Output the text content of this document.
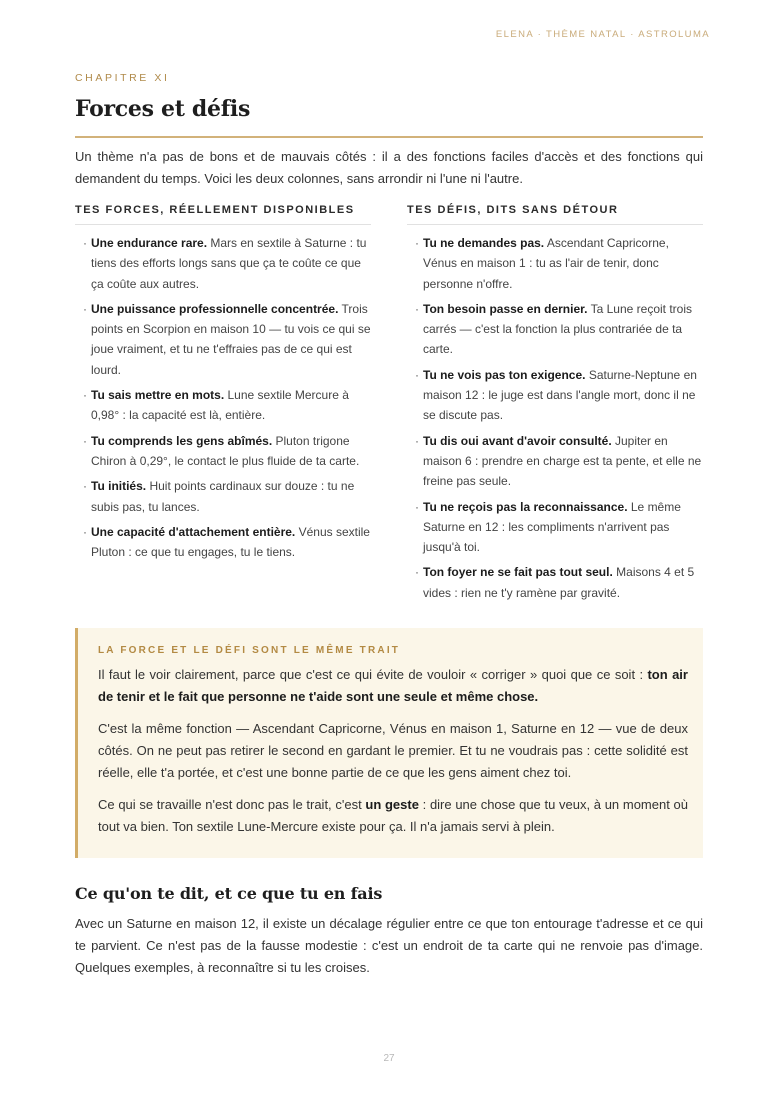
ELENA · THÈME NATAL · ASTROLUMA
CHAPITRE XI
Forces et défis

Un thème n'a pas de bons et de mauvais côtés : il a des fonctions faciles d'accès et des fonctions qui demandent du temps. Voici les deux colonnes, sans arrondir ni l'une ni l'autre.

TES FORCES, RÉELLEMENT DISPONIBLES
· Une endurance rare. Mars en sextile à Saturne : tu tiens des efforts longs sans que ça te coûte ce que ça coûte aux autres.
· Une puissance professionnelle concentrée. Trois points en Scorpion en maison 10 — tu vois ce qui se joue vraiment, et tu ne t'effraies pas de ce qui est lourd.
· Tu sais mettre en mots. Lune sextile Mercure à 0,98° : la capacité est là, entière.
· Tu comprends les gens abîmés. Pluton trigone Chiron à 0,29°, le contact le plus fluide de ta carte.
· Tu initiés. Huit points cardinaux sur douze : tu ne subis pas, tu lances.
· Une capacité d'attachement entière. Vénus sextile Pluton : ce que tu engages, tu le tiens.
TES DÉFIS, DITS SANS DÉTOUR
· Tu ne demandes pas. Ascendant Capricorne, Vénus en maison 1 : tu as l'air de tenir, donc personne n'offre.
· Ton besoin passe en dernier. Ta Lune reçoit trois carrés — c'est la fonction la plus contrariée de ta carte.
· Tu ne vois pas ton exigence. Saturne-Neptune en maison 12 : le juge est dans l'angle mort, donc il ne se discute pas.
· Tu dis oui avant d'avoir consulté. Jupiter en maison 6 : prendre en charge est ta pente, et elle ne freine pas seule.
· Tu ne reçois pas la reconnaissance. Le même Saturne en 12 : les compliments n'arrivent pas jusqu'à toi.
· Ton foyer ne se fait pas tout seul. Maisons 4 et 5 vides : rien ne t'y ramène par gravité.
LA FORCE ET LE DÉFI SONT LE MÊME TRAIT

Il faut le voir clairement, parce que c'est ce qui évite de vouloir « corriger » quoi que ce soit : ton air de tenir et le fait que personne ne t'aide sont une seule et même chose.

C'est la même fonction — Ascendant Capricorne, Vénus en maison 1, Saturne en 12 — vue de deux côtés. On ne peut pas retirer le second en gardant le premier. Et tu ne voudrais pas : cette solidité est réelle, elle t'a portée, et c'est une bonne partie de ce que les gens aiment chez toi.

Ce qui se travaille n'est donc pas le trait, c'est un geste : dire une chose que tu veux, à un moment où tout va bien. Ton sextile Lune-Mercure existe pour ça. Il n'a jamais servi à plein.

Ce qu'on te dit, et ce que tu en fais

Avec un Saturne en maison 12, il existe un décalage régulier entre ce que ton entourage t'adresse et ce qui te parvient. Ce n'est pas de la fausse modestie : c'est un endroit de ta carte qui ne renvoie pas d'image. Quelques exemples, à reconnaître si tu les croises.

27
